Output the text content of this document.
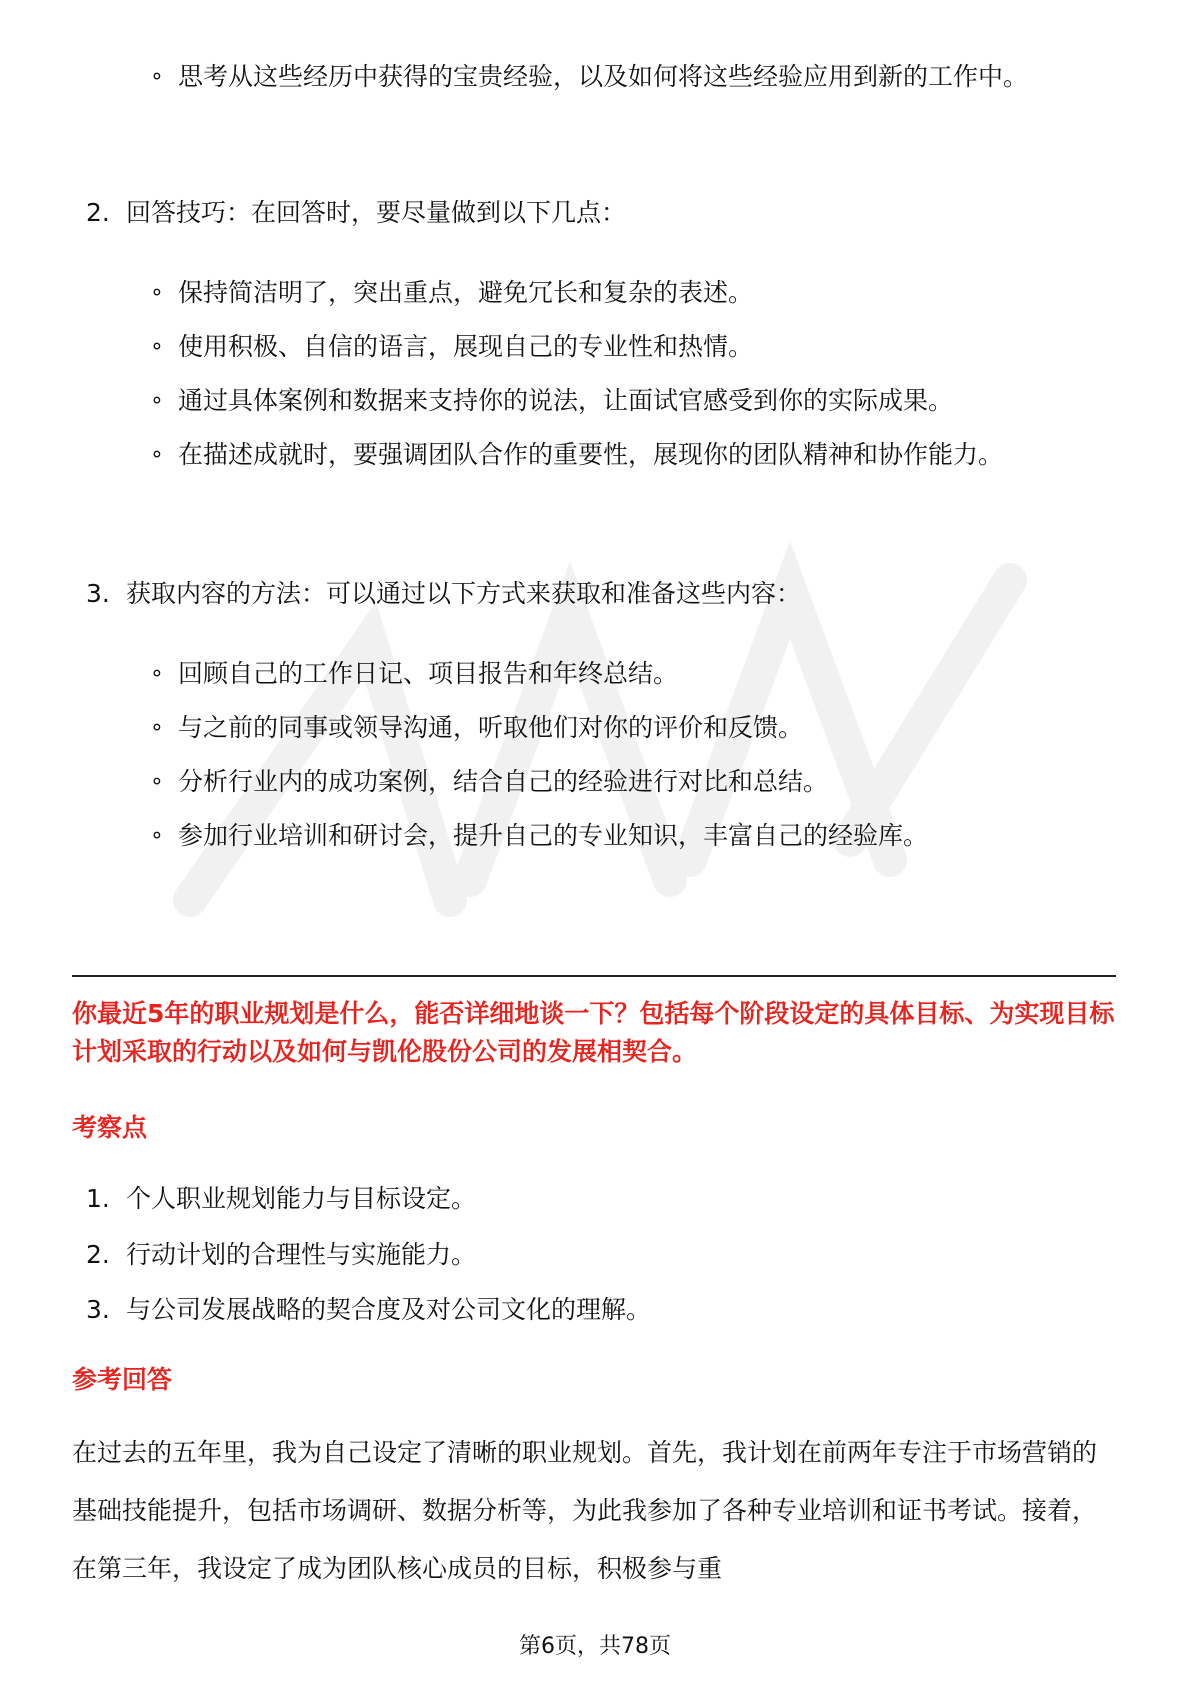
∘ 思考从这些经历中获得的宝贵经验，以及如何将这些经验应用到新的工作中。
2. 回答技巧：在回答时，要尽量做到以下几点：
∘ 保持简洁明了，突出重点，避免冗长和复杂的表述。
∘ 使用积极、自信的语言，展现自己的专业性和热情。
∘ 通过具体案例和数据来支持你的说法，让面试官感受到你的实际成果。
∘ 在描述成就时，要强调团队合作的重要性，展现你的团队精神和协作能力。
3. 获取内容的方法：可以通过以下方式来获取和准备这些内容：
∘ 回顾自己的工作日记、项目报告和年终总结。
∘ 与之前的同事或领导沟通，听取他们对你的评价和反馈。
∘ 分析行业内的成功案例，结合自己的经验进行对比和总结。
∘ 参加行业培训和研讨会，提升自己的专业知识，丰富自己的经验库。
你最近5年的职业规划是什么，能否详细地谈一下？包括每个阶段设定的具体目标、为实现目标计划采取的行动以及如何与凯伦股份公司的发展相契合。
考察点
1. 个人职业规划能力与目标设定。
2. 行动计划的合理性与实施能力。
3. 与公司发展战略的契合度及对公司文化的理解。
参考回答
在过去的五年里，我为自己设定了清晰的职业规划。首先，我计划在前两年专注于市场营销的基础技能提升，包括市场调研、数据分析等，为此我参加了各种专业培训和证书考试。接着，在第三年，我设定了成为团队核心成员的目标，积极参与重
第6页，共78页
